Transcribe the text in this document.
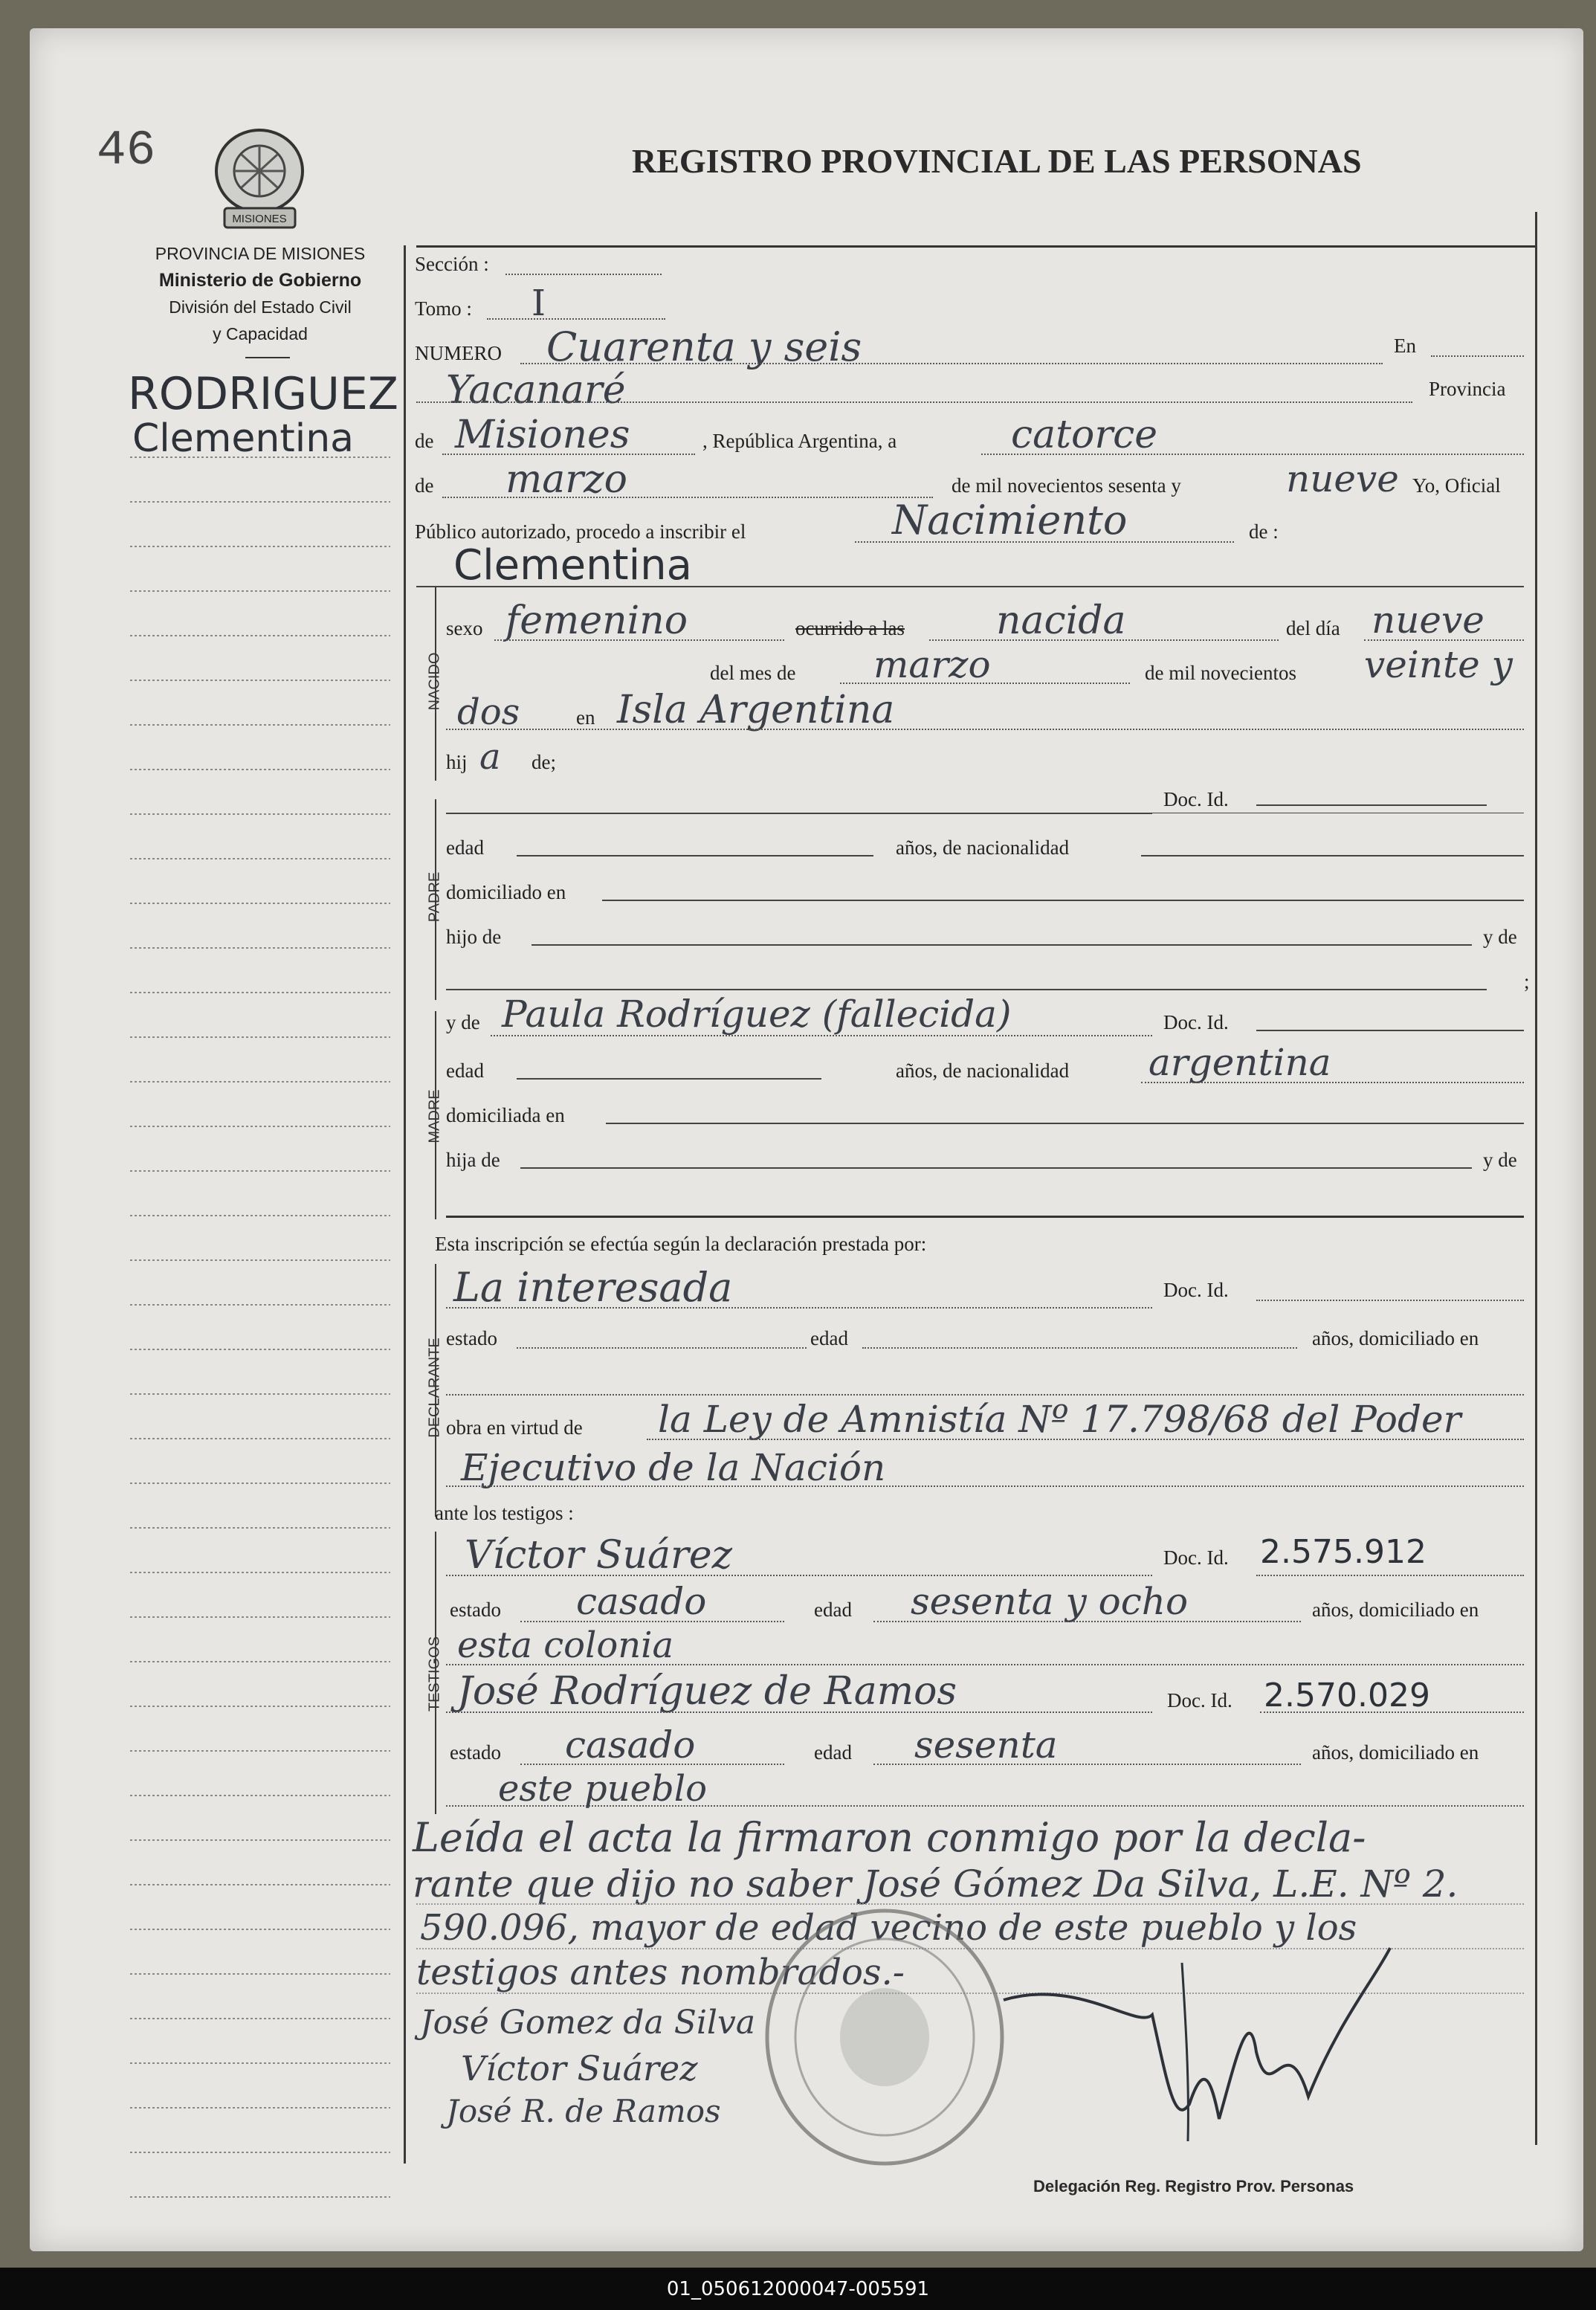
46
MISIONES
REGISTRO PROVINCIAL DE LAS PERSONAS
PROVINCIA DE MISIONES
Ministerio de Gobierno
División del Estado Civil
y Capacidad
RODRIGUEZ
Clementina
Sección :
Tomo : I
NUMERO Cuarenta y seis	En
Yacanaré	Provincia
de Misiones	, República Argentina, a	catorce
de marzo	de mil novecientos sesenta y	nueve Yo, Oficial
Público autorizado, procedo a inscribir el	Nacimiento	de :
Clementina
NACIDO
sexo femenino	ocurrido a las nacida	del día nueve
del mes de marzo	de mil novecientos veinte y
dos	en Isla Argentina
hij a de;
PADRE
Doc. Id.
edad	años, de nacionalidad
domiciliado en
hijo de	y de
;
MADRE
y de Paula Rodríguez (fallecida)	Doc. Id.
edad	años, de nacionalidad argentina
domiciliada en
hija de	y de
Esta inscripción se efectúa según la declaración prestada por:
DECLARANTE
La interesada	Doc. Id.
estado	edad	años, domiciliado en
obra en virtud de la Ley de Amnistía Nº 17.798/68 del Poder
Ejecutivo de la Nación
ante los testigos :
TESTIGOS
Víctor Suárez	Doc. Id. 2.575.912
estado casado	edad sesenta y ocho	años, domiciliado en
esta colonia
José Rodríguez de Ramos	Doc. Id. 2.570.029
estado casado	edad sesenta	años, domiciliado en
este pueblo
Leída el acta la firmaron conmigo por la decla-
rante que dijo no saber José Gómez Da Silva, L.E. Nº 2.
590.096, mayor de edad vecino de este pueblo y los
testigos antes nombrados.-
José Gomez da Silva
Víctor Suárez
José R. de Ramos
Delegación Reg. Registro Prov. Personas
01_050612000047-005591
